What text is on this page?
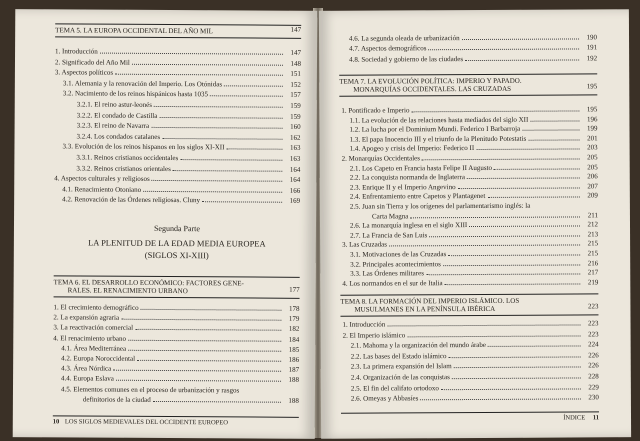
TEMA 5. LA EUROPA OCCIDENTAL DEL AÑO MIL	147
1. Introducción	147
2. Significado del Año Mil	148
3. Aspectos políticos	151
3.1. Alemania y la renovación del Imperio. Los Otónidas	152
3.2. Nacimiento de los reinos hispánicos hasta 1035	157
3.2.1. El reino astur-leonés	159
3.2.2. El condado de Castilla	159
3.2.3. El reino de Navarra	160
3.2.4. Los condados catalanes	162
3.3. Evolución de los reinos hispanos en los siglos XI-XII	163
3.3.1. Reinos cristianos occidentales	163
3.3.2. Reinos cristianos orientales	164
4. Aspectos culturales y religiosos	164
4.1. Renacimiento Otoniano	166
4.2. Renovación de las Órdenes religiosas. Cluny	169
Segunda Parte
LA PLENITUD DE LA EDAD MEDIA EUROPEA
(SIGLOS XI-XIII)
TEMA 6. EL DESARROLLO ECONÓMICO: FACTORES GENE-
RALES. EL RENACIMIENTO URBANO	177
1. El crecimiento demográfico	178
2. La expansión agraria	179
3. La reactivación comercial	182
4. El renacimiento urbano	184
4.1. Área Mediterránea	185
4.2. Europa Noroccidental	186
4.3. Área Nórdica	187
4.4. Europa Eslava	188
4.5. Elementos comunes en el proceso de urbanización y rasgos
definitorios de la ciudad	188
10 LOS SIGLOS MEDIEVALES DEL OCCIDENTE EUROPEO
4.6. La segunda oleada de urbanización	190
4.7. Aspectos demográficos	191
4.8. Sociedad y gobierno de las ciudades	192
TEMA 7. LA EVOLUCIÓN POLÍTICA: IMPERIO Y PAPADO.
MONARQUÍAS OCCIDENTALES. LAS CRUZADAS	195
1. Pontificado e Imperio	195
1.1. La evolución de las relaciones hasta mediados del siglo XII	196
1.2. La lucha por el Dominium Mundi. Federico I Barbarroja	199
1.3. El papa Inocencio III y el triunfo de la Plenitudo Potestatis	201
1.4. Apogeo y crisis del Imperio: Federico II	203
2. Monarquías Occidentales	205
2.1. Los Capeto en Francia hasta Felipe II Augusto	205
2.2. La conquista normanda de Inglaterra	206
2.3. Enrique II y el Imperio Angevino	207
2.4. Enfrentamiento entre Capetos y Plantagenet	209
2.5. Juan sin Tierra y los orígenes del parlamentarismo inglés: la
Carta Magna	211
2.6. La monarquía inglesa en el siglo XIII	212
2.7. La Francia de San Luis	213
3. Las Cruzadas	215
3.1. Motivaciones de las Cruzadas	215
3.2. Principales acontecimientos	216
3.3. Las Órdenes militares	217
4. Los normandos en el sur de Italia	219
TEMA 8. LA FORMACIÓN DEL IMPERIO ISLÁMICO. LOS
MUSULMANES EN LA PENÍNSULA IBÉRICA	223
1. Introducción	223
2. El Imperio islámico	223
2.1. Mahoma y la organización del mundo árabe	224
2.2. Las bases del Estado islámico	226
2.3. La primera expansión del Islam	226
2.4. Organización de las conquistas	228
2.5. El fin del califato ortodoxo	229
2.6. Omeyas y Abbasíes	230
ÍNDICE 11
